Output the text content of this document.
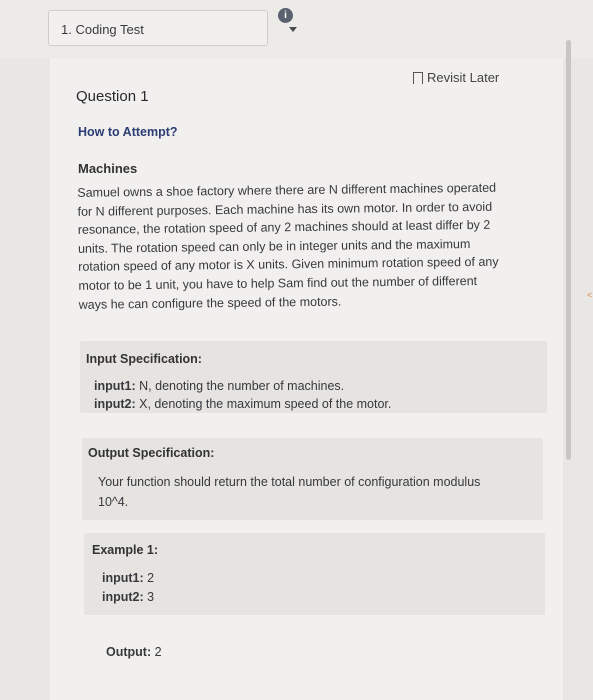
1. Coding Test
i
<
Revisit Later
Question 1
How to Attempt?
Machines
Samuel owns a shoe factory where there are N different machines operated
for N different purposes. Each machine has its own motor. In order to avoid
resonance, the rotation speed of any 2 machines should at least differ by 2
units. The rotation speed can only be in integer units and the maximum
rotation speed of any motor is X units. Given minimum rotation speed of any
motor to be 1 unit, you have to help Sam find out the number of different
ways he can configure the speed of the motors.
Input Specification:
input1: N, denoting the number of machines.
input2: X, denoting the maximum speed of the motor.
Output Specification:
Your function should return the total number of configuration modulus
10^4.
Example 1:
input1: 2
input2: 3
Output: 2
